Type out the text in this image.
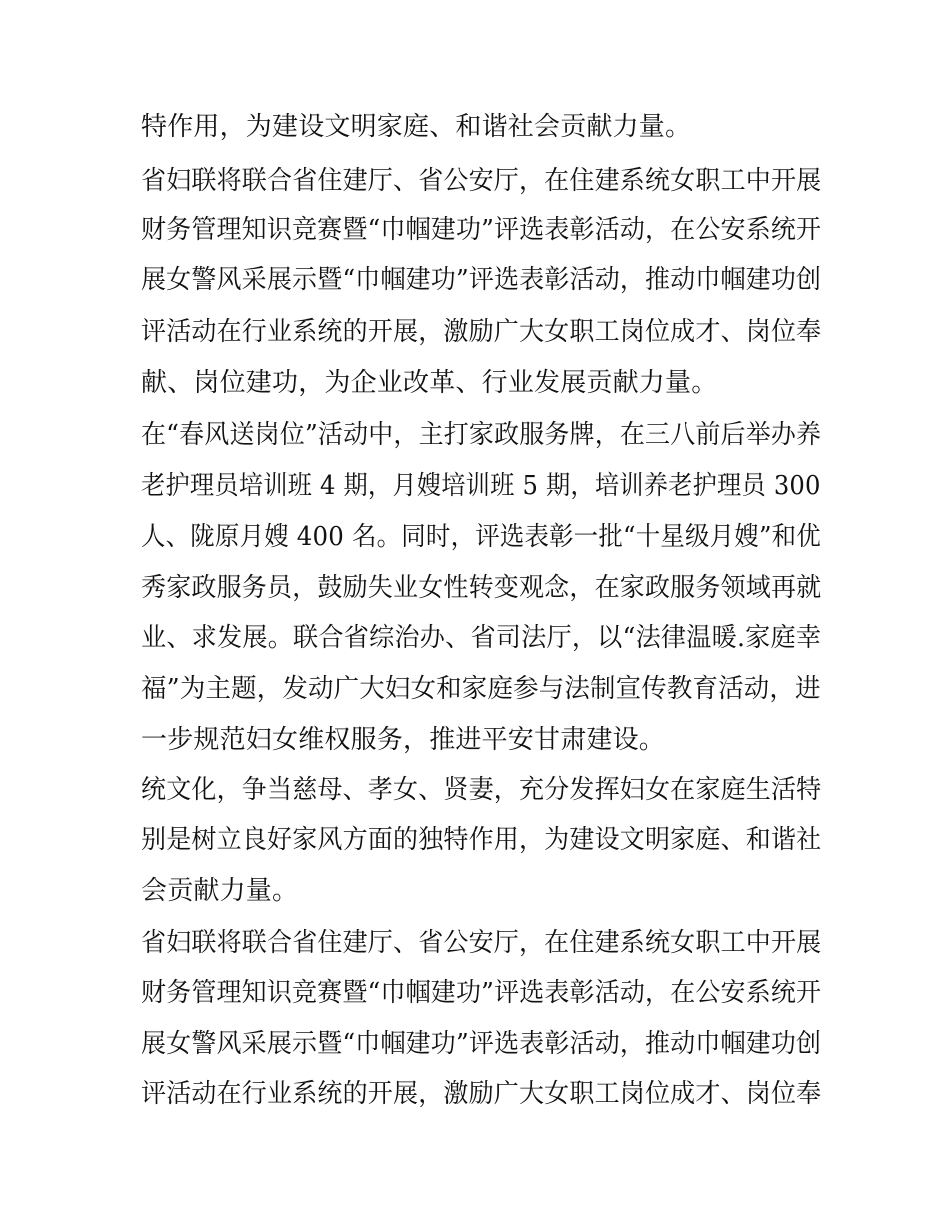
特作用，为建设文明家庭、和谐社会贡献力量。
省妇联将联合省住建厅、省公安厅，在住建系统女职工中开展
财务管理知识竞赛暨“巾帼建功”评选表彰活动，在公安系统开
展女警风采展示暨“巾帼建功”评选表彰活动，推动巾帼建功创
评活动在行业系统的开展，激励广大女职工岗位成才、岗位奉
献、岗位建功，为企业改革、行业发展贡献力量。
在“春风送岗位”活动中，主打家政服务牌，在三八前后举办养
老护理员培训班 4 期，月嫂培训班 5 期，培训养老护理员 300
人、陇原月嫂 400 名。同时，评选表彰一批“十星级月嫂”和优
秀家政服务员，鼓励失业女性转变观念，在家政服务领域再就
业、求发展。联合省综治办、省司法厅，以“法律温暖.家庭幸
福”为主题，发动广大妇女和家庭参与法制宣传教育活动，进
一步规范妇女维权服务，推进平安甘肃建设。
统文化，争当慈母、孝女、贤妻，充分发挥妇女在家庭生活特
别是树立良好家风方面的独特作用，为建设文明家庭、和谐社
会贡献力量。
省妇联将联合省住建厅、省公安厅，在住建系统女职工中开展
财务管理知识竞赛暨“巾帼建功”评选表彰活动，在公安系统开
展女警风采展示暨“巾帼建功”评选表彰活动，推动巾帼建功创
评活动在行业系统的开展，激励广大女职工岗位成才、岗位奉
